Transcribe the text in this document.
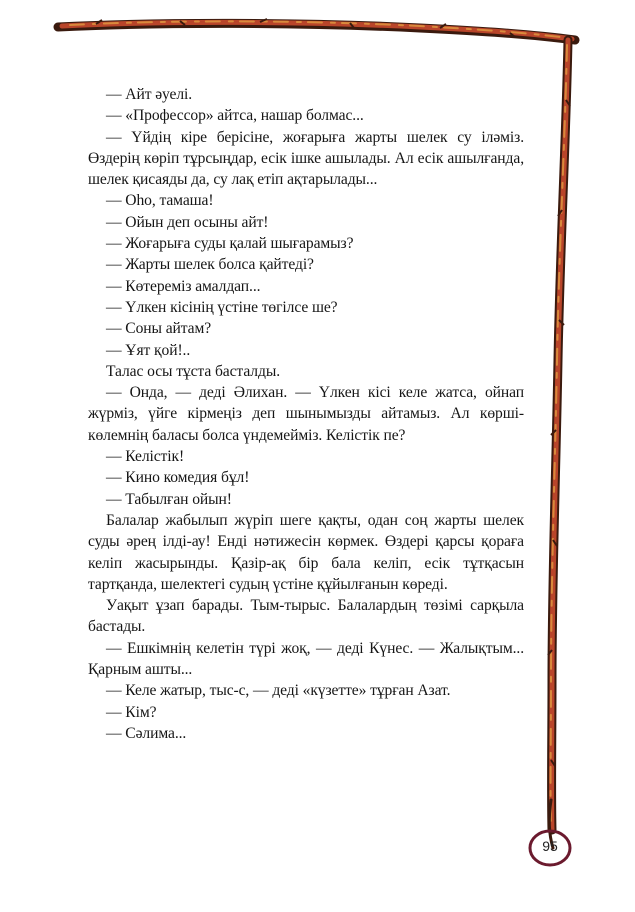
— Айт әуелі.

— «Профессор» айтса, нашар болмас...

— Үйдің кіре берісіне, жоғарыға жарты шелек су іләміз. Өздерің көріп тұрсыңдар, есік ішке ашылады. Ал есік ашылғанда, шелек қисаяды да, су лақ етіп ақтарылады...

— Оһо, тамаша!

— Ойын деп осыны айт!

— Жоғарыға суды қалай шығарамыз?

— Жарты шелек болса қайтеді?

— Көтереміз амалдап...

— Үлкен кісінің үстіне төгілсе ше?

— Соны айтам?

— Ұят қой!..

Талас осы тұста басталды.

— Онда, — деді Әлихан. — Үлкен кісі келе жатса, ойнап жүрміз, үйге кірмеңіз деп шынымызды айтамыз. Ал көрші-көлемнің баласы болса үндемейміз. Келістік пе?

— Келістік!

— Кино комедия бұл!

— Табылған ойын!

Балалар жабылып жүріп шеге қақты, одан соң жарты шелек суды әрең ілді-ау! Енді нәтижесін көрмек. Өздері қарсы қораға келіп жасырынды. Қазір-ақ бір бала келіп, есік тұтқасын тартқанда, шелектегі судың үстіне құйылғанын көреді.

Уақыт ұзап барады. Тым-тырыс. Балалардың төзімі сарқыла бастады.

— Ешкімнің келетін түрі жоқ, — деді Күнес. — Жалықтым... Қарным ашты...

— Келе жатыр, тыс-с, — деді «күзетте» тұрған Азат.

— Кім?

— Сәлима...

95
